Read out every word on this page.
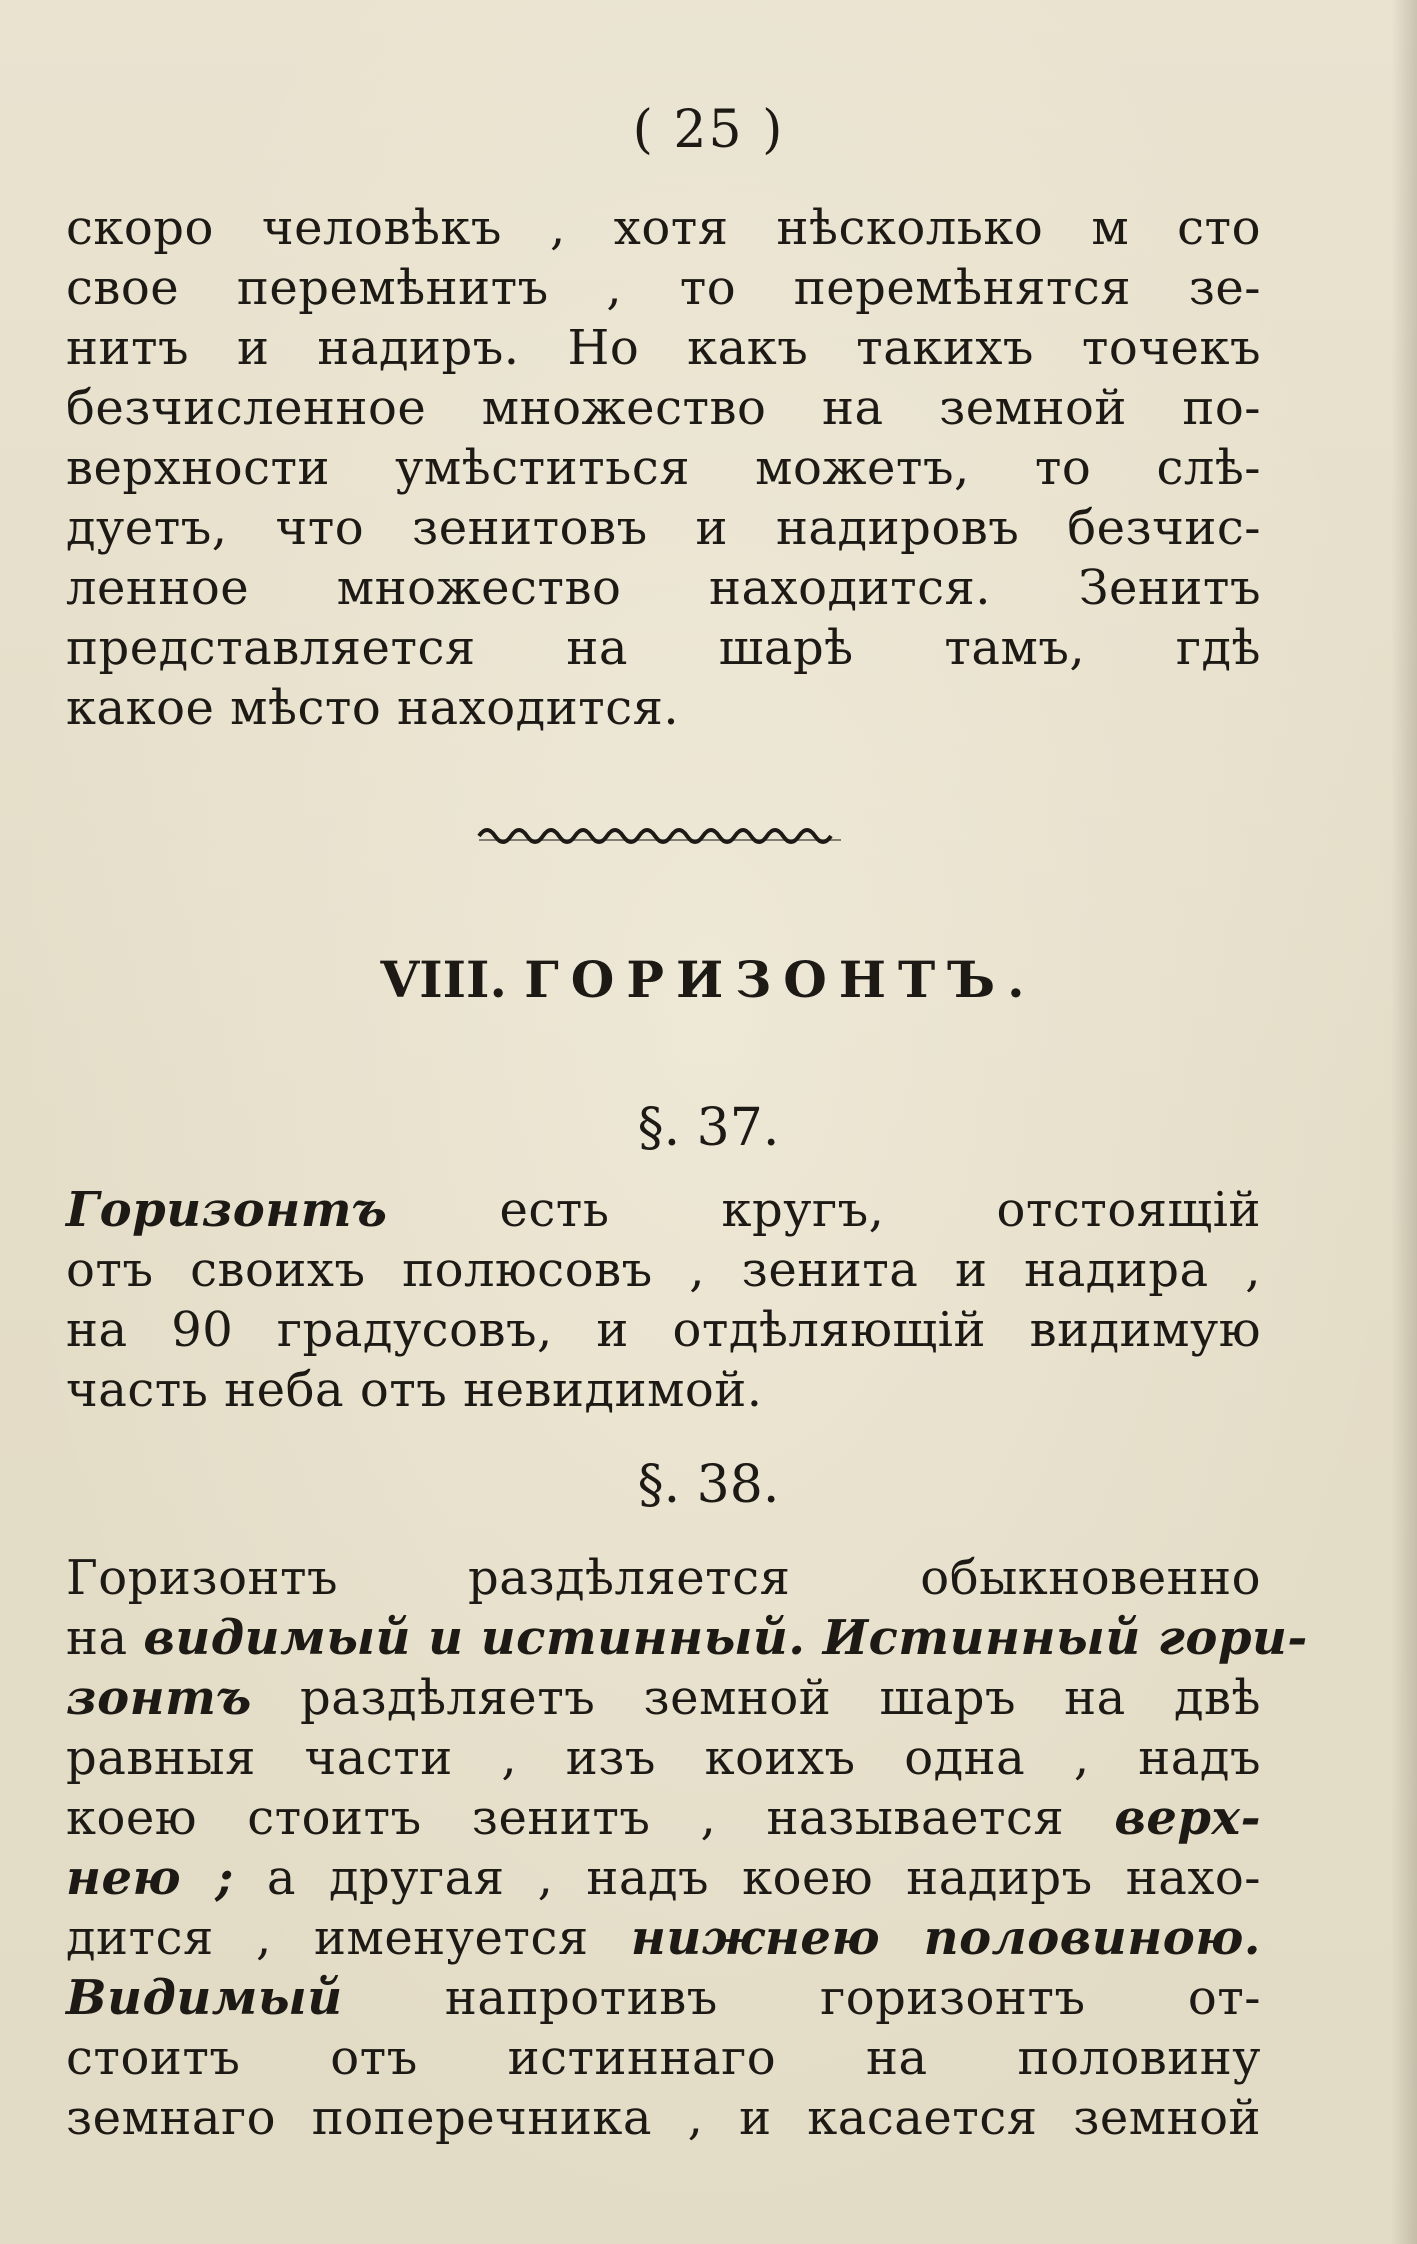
( 25 )
скоро человѣкъ , хотя нѣсколько м сто
свое перемѣнитъ , то перемѣнятся зе-
нитъ и надиръ. Но какъ такихъ точекъ
безчисленное множество на земной по-
верхности умѣститься можетъ, то слѣ-
дуетъ, что зенитовъ и надировъ безчис-
ленное множество находится. Зенитъ
представляется на шарѣ тамъ, гдѣ
какое мѣсто находится.
VIII. ГОРИЗОНТЪ.
§. 37.
Горизонтъ есть кругъ, отстоящій
отъ своихъ полюсовъ , зенита и надира ,
на 90 градусовъ, и отдѣляющій видимую
часть неба отъ невидимой.
§. 38.
Горизонтъ раздѣляется обыкновенно
на видимый и истинный. Истинный гори-
зонтъ раздѣляетъ земной шаръ на двѣ
равныя части , изъ коихъ одна , надъ
коею стоитъ зенитъ , называется верх-
нею ; а другая , надъ коею надиръ нахо-
дится , именуется нижнею половиною.
Видимый напротивъ горизонтъ от-
стоитъ отъ истиннаго на половину
земнаго поперечника , и касается земной
